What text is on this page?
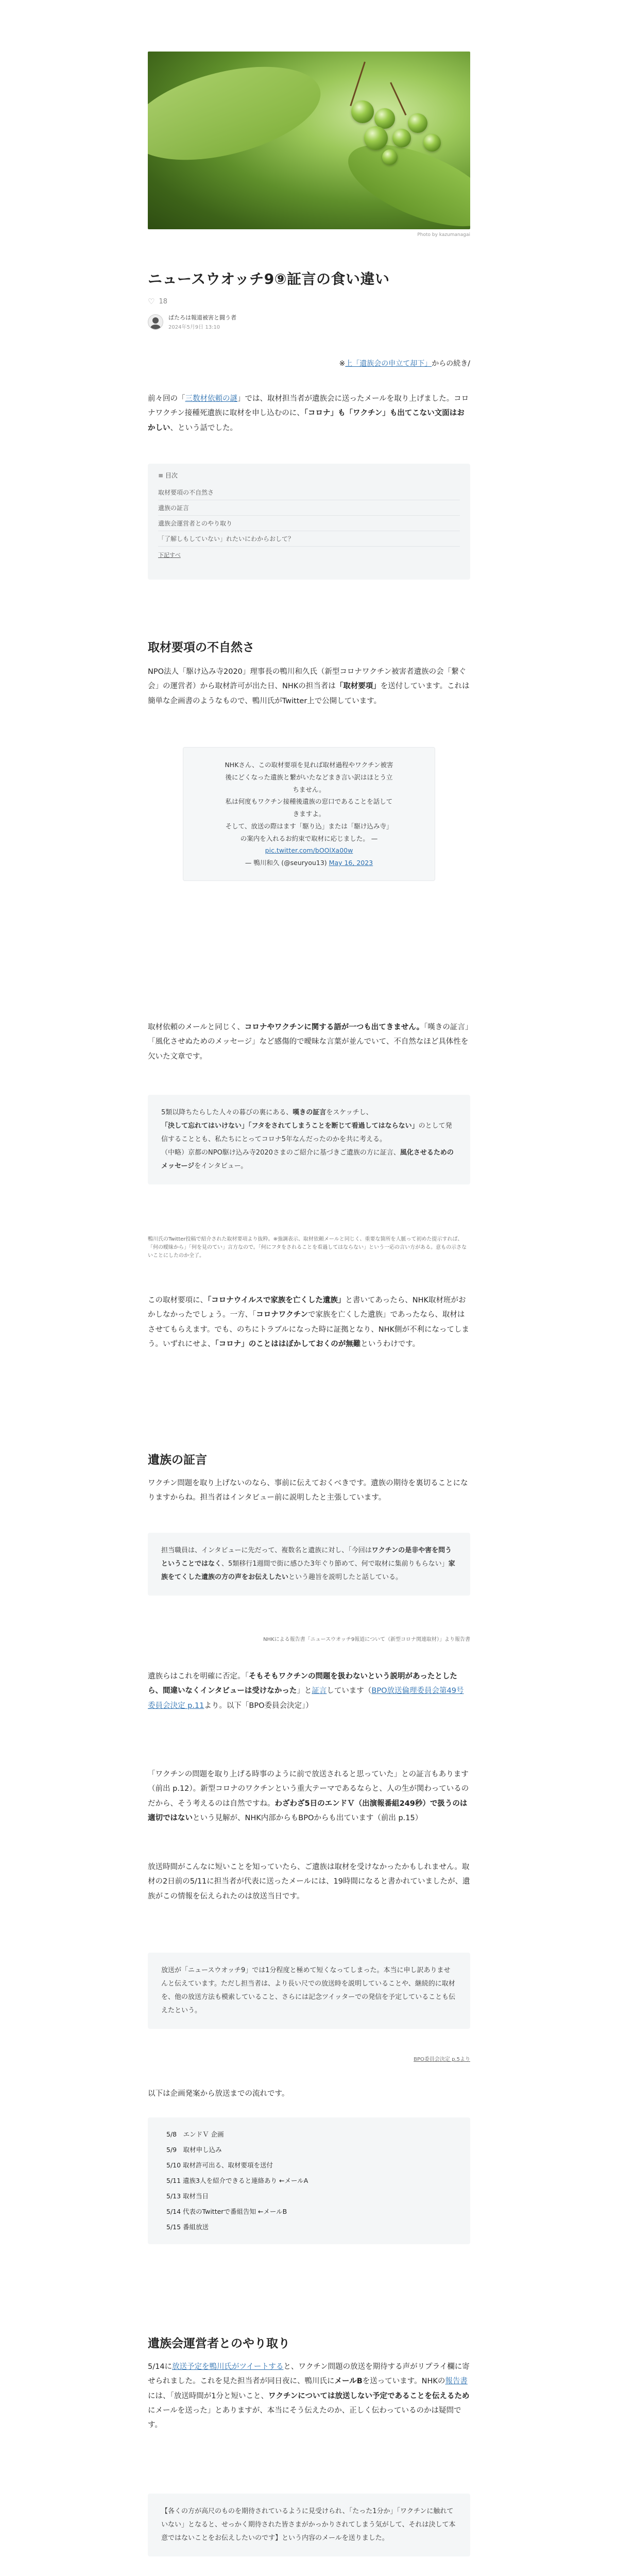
Photo by kazumanagai
ニュースウオッチ9⑨証言の食い違い
♡ 18
ぱたろは報道被害と闘う者
2024年5月9日 13:10
※上「遺族会の申立て却下」からの続き/

前々回の「三数材依頼の謎」では、取材担当者が遺族会に送ったメールを取り上げました。コロナワクチン接種死遺族に取材を申し込むのに、「コロナ」も「ワクチン」も出てこない文面はおかしい、という話でした。

≡ 目次
取材要項の不自然さ
遺族の証言
遺族会運営者とのやり取り
「了解しもしていない」れたいにわからおして？
下記すべ
取材要項の不自然さ

NPO法人「駆け込み寺2020」理事長の鴨川和久氏（新型コロナワクチン被害者遺族の会「繋ぐ会」の運営者）から取材許可が出た日、NHKの担当者は「取材要項」を送付しています。これは簡単な企画書のようなもので、鴨川氏がTwitter上で公開しています。

NHKさん、この取材要項を見れば取材過程やワクチン被害
後にどくなった遺族と繋がいたなどまき言い訳はほとう立
ちません。
私は何度もワクチン接種後遺族の窓口であることを話して
きますよ。
そして、放送の際はます「駆り込」または「駆け込み寺」
の案内を入れるお約束で取材に応じました。 —
pic.twitter.com/bOOlXa00w
— 鴨川和久 (@seuryou13) May 16, 2023

取材依頼のメールと同じく、コロナやワクチンに関する語が一つも出てきません。「嘆きの証言」「風化させぬためのメッセージ」など感傷的で曖昧な言葉が並んでいて、不自然なほど具体性を欠いた文章です。

5類以降ちたらした人々の暮びの裏にある、嘆きの証言をスケッチし、
「決して忘れてはいけない」「フタをされてしまうことを断じて看過してはならない」のとして発信することとも、私たちにとってコロナ5年なんだったのかを共に考える。
（中略）京都のNPO駆け込み寺2020さまのご紹介に基づきご遺族の方に証言、風化させるためのメッセージをインタビュー。
鴨川氏のTwitter投稿で紹介された取材要項より抜粋。※強調表示、取材依頼メールと同じく、重要な箇所を人脈って初めた提示すれば、「何の曖昧から」「何を見のてい」言方なので。「何にフタをされることを看過してはならない」という一応の言い方がある。意もの示さないことにしたのか全了。

この取材要項に、「コロナウイルスで家族を亡くした遺族」と書いてあったら、NHK取材班がおかしなかったでしょう。一方、「コロナワクチンで家族を亡くした遺族」であったなら、取材はさせてもらえます。でも、のちにトラブルになった時に証拠となり、NHK側が不利になってしまう。いずれにせよ、「コロナ」のことははぼかしておくのが無難というわけです。

遺族の証言

ワクチン問題を取り上げないのなら、事前に伝えておくべきです。遺族の期待を裏切ることになりますからね。担当者はインタビュー前に説明したと主張しています。

担当職員は、インタビューに先だって、複数名と遺族に対し、「今回はワクチンの是非や害を問うということではなく、5類移行1週間で街に感ひた3年ぐり節めて、何で取材に集前りもらない」家族をてくした遺族の方の声をお伝えしたいという趣旨を説明したと話している。
NHKによる報告書「ニュースウオッチ9報道について（新型コロナ関連取材）」より報告書

遺族らはこれを明確に否定。「そもそもワクチンの問題を扱わないという説明があったとしたら、間違いなくインタビューは受けなかった」と証言しています（BPO放送倫理委員会第49号委員会決定 p.11より。以下「BPO委員会決定」）

「ワクチンの問題を取り上げる時事のように前で放送されると思っていた」との証言もあります（前出 p.12）。新型コロナのワクチンという重大テーマであるならと、人の生が関わっているのだから、そう考えるのは自然ですね。わざわざ5日のエンドＶ（出演報番組249秒）で扱うのは適切ではないという見解が、NHK内部からもBPOからも出ています（前出 p.15）

放送時間がこんなに短いことを知っていたら、ご遺族は取材を受けなかったかもしれません。取材の2日前の5/11に担当者が代表に送ったメールには、19時間になると書かれていましたが、遺族がこの情報を伝えられたのは放送当日です。

放送が「ニュースウオッチ9」では1分程度と極めて短くなってしまった。本当に申し訳ありませんと伝えています。ただし担当者は、より長い尺での放送時を説明していることや、継続的に取材を、他の放送方法も模索していること、さらには記念ツイッターでの発信を予定していることも伝えたという。
BPO委員会決定 p.5より

以下は企画発案から放送までの流れです。

5/8　エンドＶ 企画
5/9　取材申し込み
5/10 取材許可出る、取材要項を送付
5/11 遺族3人を紹介できると連絡あり ←メールA
5/13 取材当日
5/14 代表のTwitterで番組告知 ←メールB
5/15 番組放送
遺族会運営者とのやり取り

5/14に放送予定を鴨川氏がツイートすると、ワクチン問題の放送を期待する声がリプライ欄に寄せられました。これを見た担当者が同日夜に、鴨川氏にメールBを送っています。NHKの報告書には、「放送時間が1分と短いこと、ワクチンについては放送しない予定であることを伝えるためにメールを送った」とありますが、本当にそう伝えたのか、正しく伝わっているのかは疑問です。

【各くの方が高尺のものを期待されているように見受けられ、「たった1分か」「ワクチンに触れていない」となると、せっかく期待された皆さまがかっかりされてしまう気がして、それは決して本意ではないことをお伝えしたいのです】という内容のメールを送りました。
